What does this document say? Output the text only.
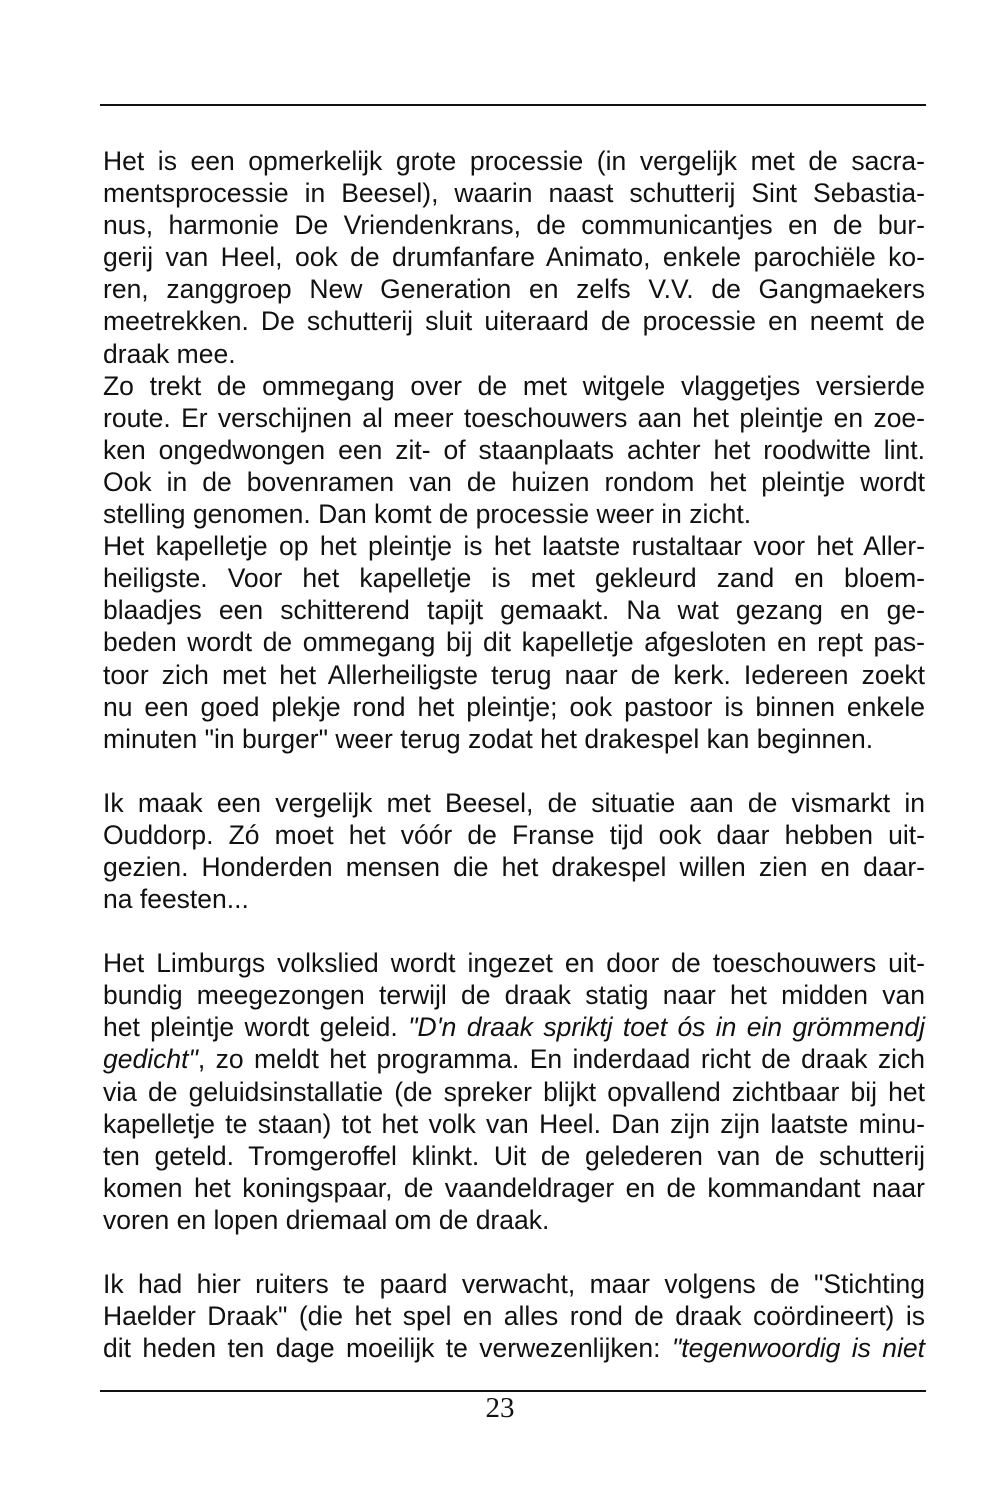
Het is een opmerkelijk grote processie (in vergelijk met de sacra-
mentsprocessie in Beesel), waarin naast schutterij Sint Sebastia-
nus, harmonie De Vriendenkrans, de communicantjes en de bur-
gerij van Heel, ook de drumfanfare Animato, enkele parochiële ko-
ren, zanggroep New Generation en zelfs V.V. de Gangmaekers
meetrekken. De schutterij sluit uiteraard de processie en neemt de
draak mee.
Zo trekt de ommegang over de met witgele vlaggetjes versierde
route. Er verschijnen al meer toeschouwers aan het pleintje en zoe-
ken ongedwongen een zit- of staanplaats achter het roodwitte lint.
Ook in de bovenramen van de huizen rondom het pleintje wordt
stelling genomen. Dan komt de processie weer in zicht.
Het kapelletje op het pleintje is het laatste rustaltaar voor het Aller-
heiligste. Voor het kapelletje is met gekleurd zand en bloem-
blaadjes een schitterend tapijt gemaakt. Na wat gezang en ge-
beden wordt de ommegang bij dit kapelletje afgesloten en rept pas-
toor zich met het Allerheiligste terug naar de kerk. Iedereen zoekt
nu een goed plekje rond het pleintje; ook pastoor is binnen enkele
minuten "in burger" weer terug zodat het drakespel kan beginnen.
Ik maak een vergelijk met Beesel, de situatie aan de vismarkt in
Ouddorp. Zó moet het vóór de Franse tijd ook daar hebben uit-
gezien. Honderden mensen die het drakespel willen zien en daar-
na feesten...
Het Limburgs volkslied wordt ingezet en door de toeschouwers uit-
bundig meegezongen terwijl de draak statig naar het midden van
het pleintje wordt geleid. "D'n draak spriktj toet ós in ein grömmendj
gedicht", zo meldt het programma. En inderdaad richt de draak zich
via de geluidsinstallatie (de spreker blijkt opvallend zichtbaar bij het
kapelletje te staan) tot het volk van Heel. Dan zijn zijn laatste minu-
ten geteld. Tromgeroffel klinkt. Uit de gelederen van de schutterij
komen het koningspaar, de vaandeldrager en de kommandant naar
voren en lopen driemaal om de draak.
Ik had hier ruiters te paard verwacht, maar volgens de "Stichting
Haelder Draak" (die het spel en alles rond de draak coördineert) is
dit heden ten dage moeilijk te verwezenlijken: "tegenwoordig is niet
23
